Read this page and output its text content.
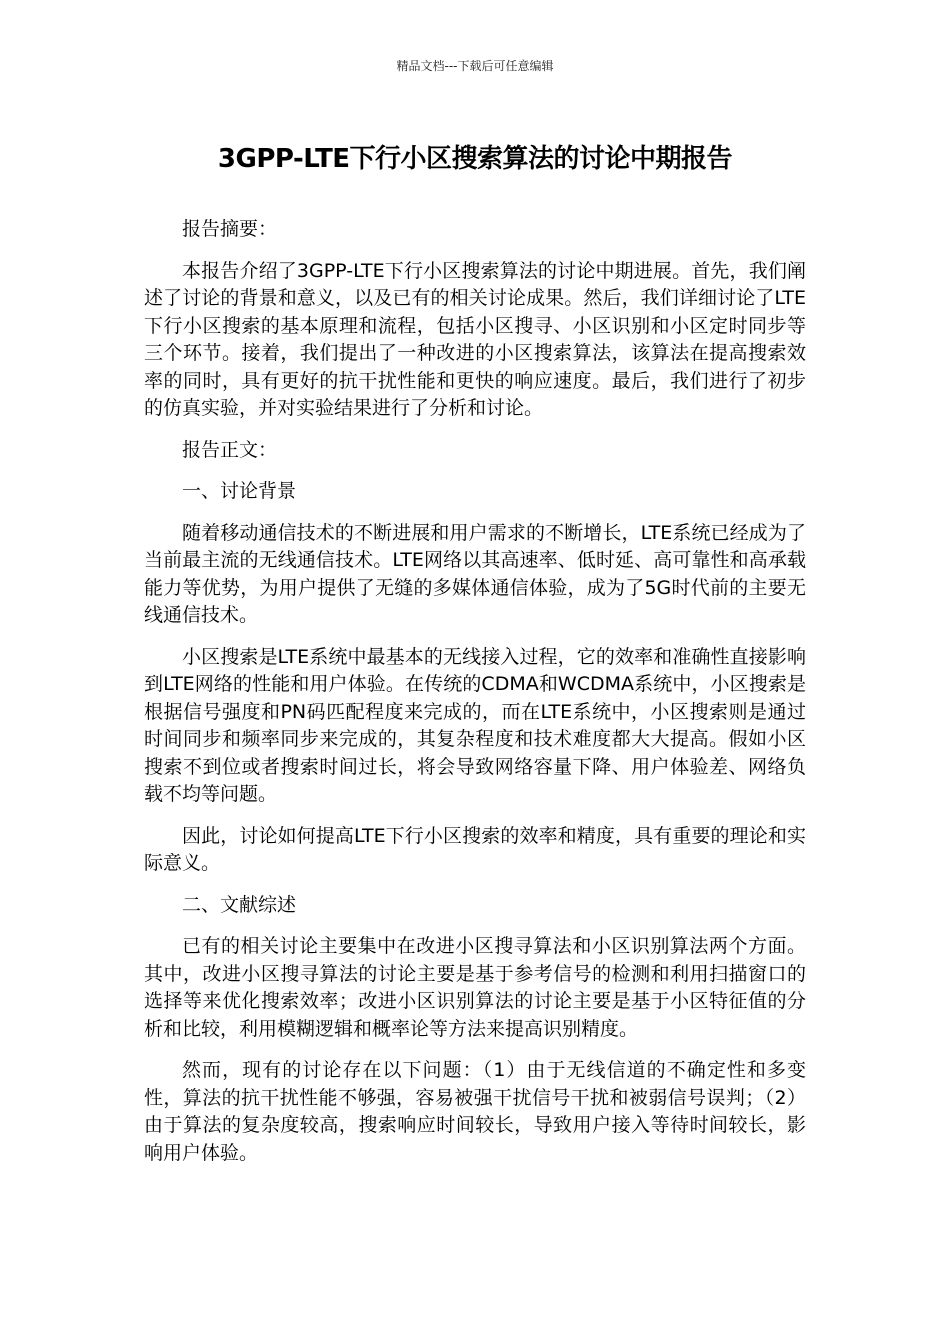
精品文档---下载后可任意编辑
3GPP-LTE下行小区搜索算法的讨论中期报告

报告摘要：

本报告介绍了3GPP-LTE下行小区搜索算法的讨论中期进展。首先，我们阐述了讨论的背景和意义，以及已有的相关讨论成果。然后，我们详细讨论了LTE下行小区搜索的基本原理和流程，包括小区搜寻、小区识别和小区定时同步等三个环节。接着，我们提出了一种改进的小区搜索算法，该算法在提高搜索效率的同时，具有更好的抗干扰性能和更快的响应速度。最后，我们进行了初步的仿真实验，并对实验结果进行了分析和讨论。

报告正文：

一、讨论背景

随着移动通信技术的不断进展和用户需求的不断增长，LTE系统已经成为了当前最主流的无线通信技术。LTE网络以其高速率、低时延、高可靠性和高承载能力等优势，为用户提供了无缝的多媒体通信体验，成为了5G时代前的主要无线通信技术。

小区搜索是LTE系统中最基本的无线接入过程，它的效率和准确性直接影响到LTE网络的性能和用户体验。在传统的CDMA和WCDMA系统中，小区搜索是根据信号强度和PN码匹配程度来完成的，而在LTE系统中，小区搜索则是通过时间同步和频率同步来完成的，其复杂程度和技术难度都大大提高。假如小区搜索不到位或者搜索时间过长，将会导致网络容量下降、用户体验差、网络负载不均等问题。

因此，讨论如何提高LTE下行小区搜索的效率和精度，具有重要的理论和实际意义。

二、文献综述

已有的相关讨论主要集中在改进小区搜寻算法和小区识别算法两个方面。其中，改进小区搜寻算法的讨论主要是基于参考信号的检测和利用扫描窗口的选择等来优化搜索效率；改进小区识别算法的讨论主要是基于小区特征值的分析和比较，利用模糊逻辑和概率论等方法来提高识别精度。

然而，现有的讨论存在以下问题：（1）由于无线信道的不确定性和多变性，算法的抗干扰性能不够强，容易被强干扰信号干扰和被弱信号误判；（2）由于算法的复杂度较高，搜索响应时间较长，导致用户接入等待时间较长，影响用户体验。
